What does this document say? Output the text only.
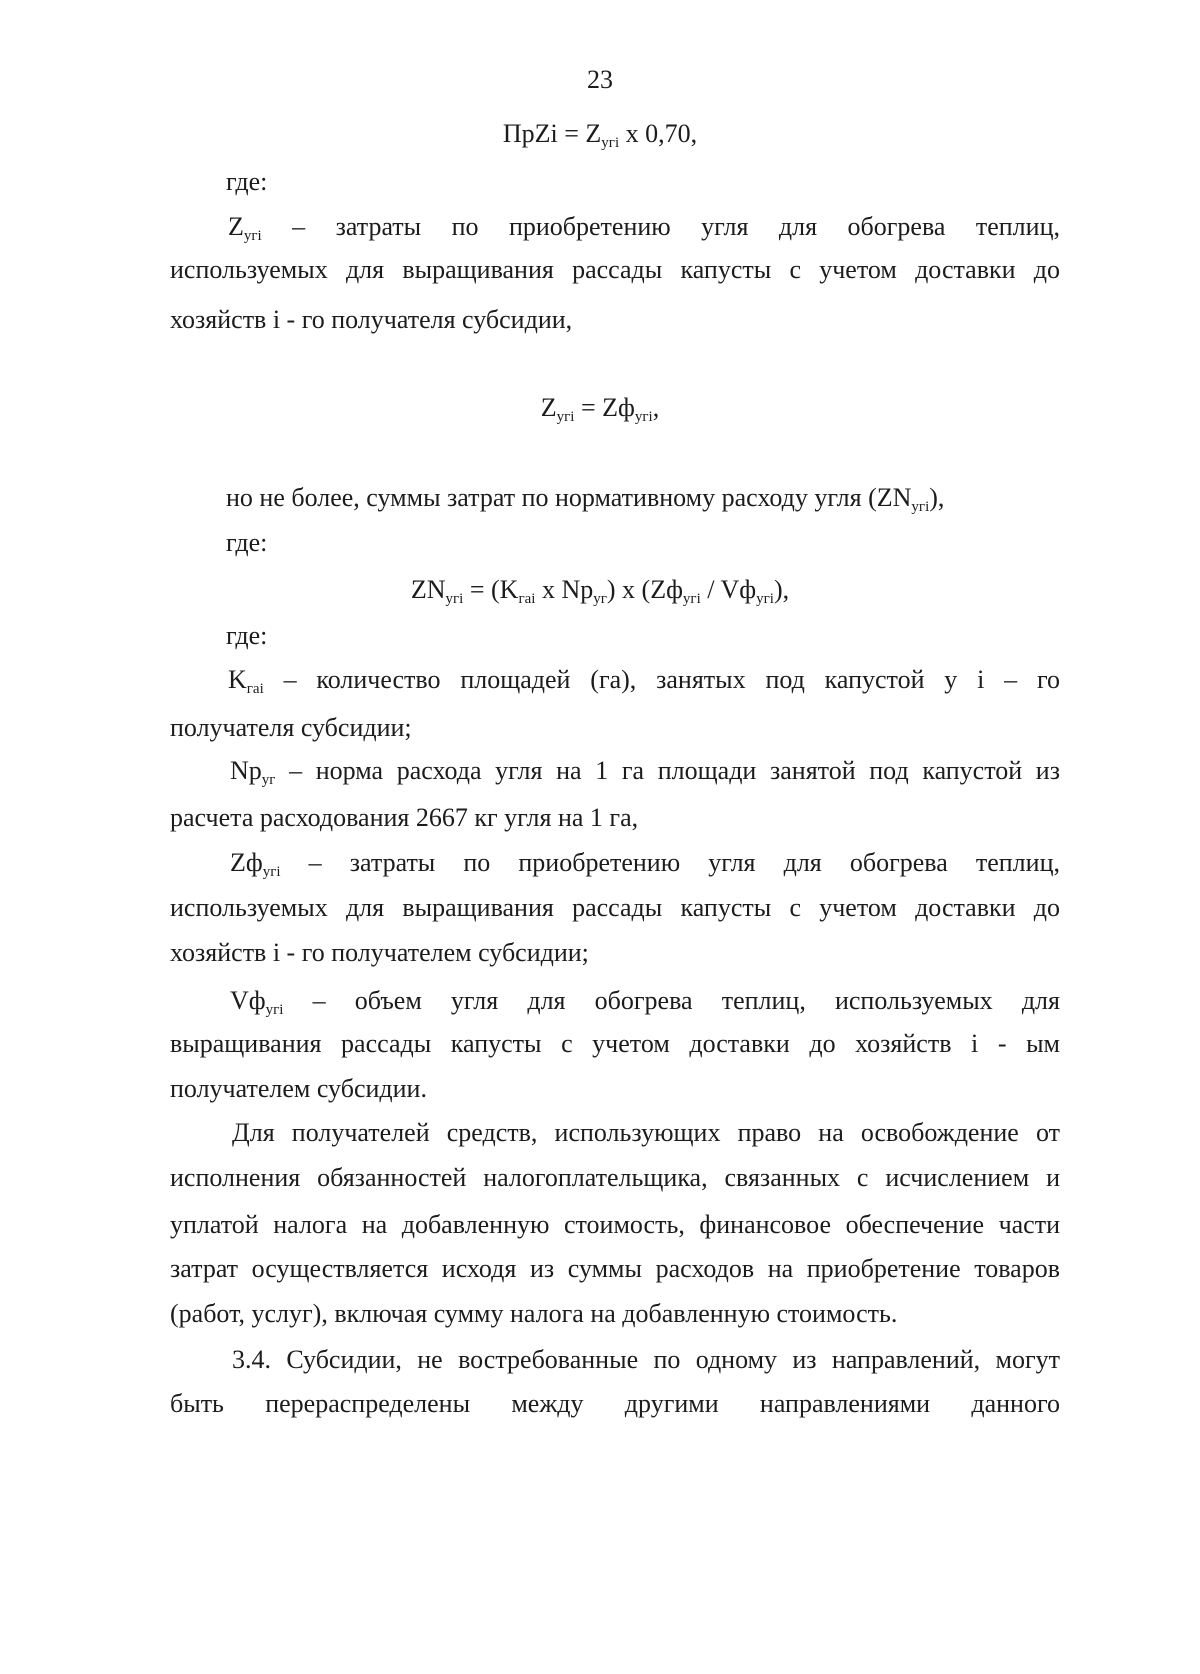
23
ПрZi = $Z_{yгi}$ x 0,70,
где:
$Z_{yгi}$ – затраты по приобретению угля для обогрева теплиц,
используемых для выращивания рассады капусты с учетом доставки до
хозяйств i - го получателя субсидии,
$Z_{yгi} = Zф_{yгi}$,
но не более, суммы затрат по нормативному расходу угля $(ZN_{yгi})$,
где:
$ZN_{yгi} = (K_{гai}$ x $Np_{уг}$) x $(Zф_{yгi} / Vф_{yгi})$,
где:
$K_{гai}$ – количество площадей (га), занятых под капустой у i – го
получателя субсидии;
$Np_{уг}$ – норма расхода угля на 1 га площади занятой под капустой из
расчета расходования 2667 кг угля на 1 га,
$Zф_{yгi}$ – затраты по приобретению угля для обогрева теплиц,
используемых для выращивания рассады капусты с учетом доставки до
хозяйств i - го получателем субсидии;
$Vф_{yгi}$ – объем угля для обогрева теплиц, используемых для
выращивания рассады капусты с учетом доставки до хозяйств i - ым
получателем субсидии.
Для получателей средств, использующих право на освобождение от
исполнения обязанностей налогоплательщика, связанных с исчислением и
уплатой налога на добавленную стоимость, финансовое обеспечение части
затрат осуществляется исходя из суммы расходов на приобретение товаров
(работ, услуг), включая сумму налога на добавленную стоимость.
3.4. Субсидии, не востребованные по одному из направлений, могут
быть перераспределены между другими направлениями данного
